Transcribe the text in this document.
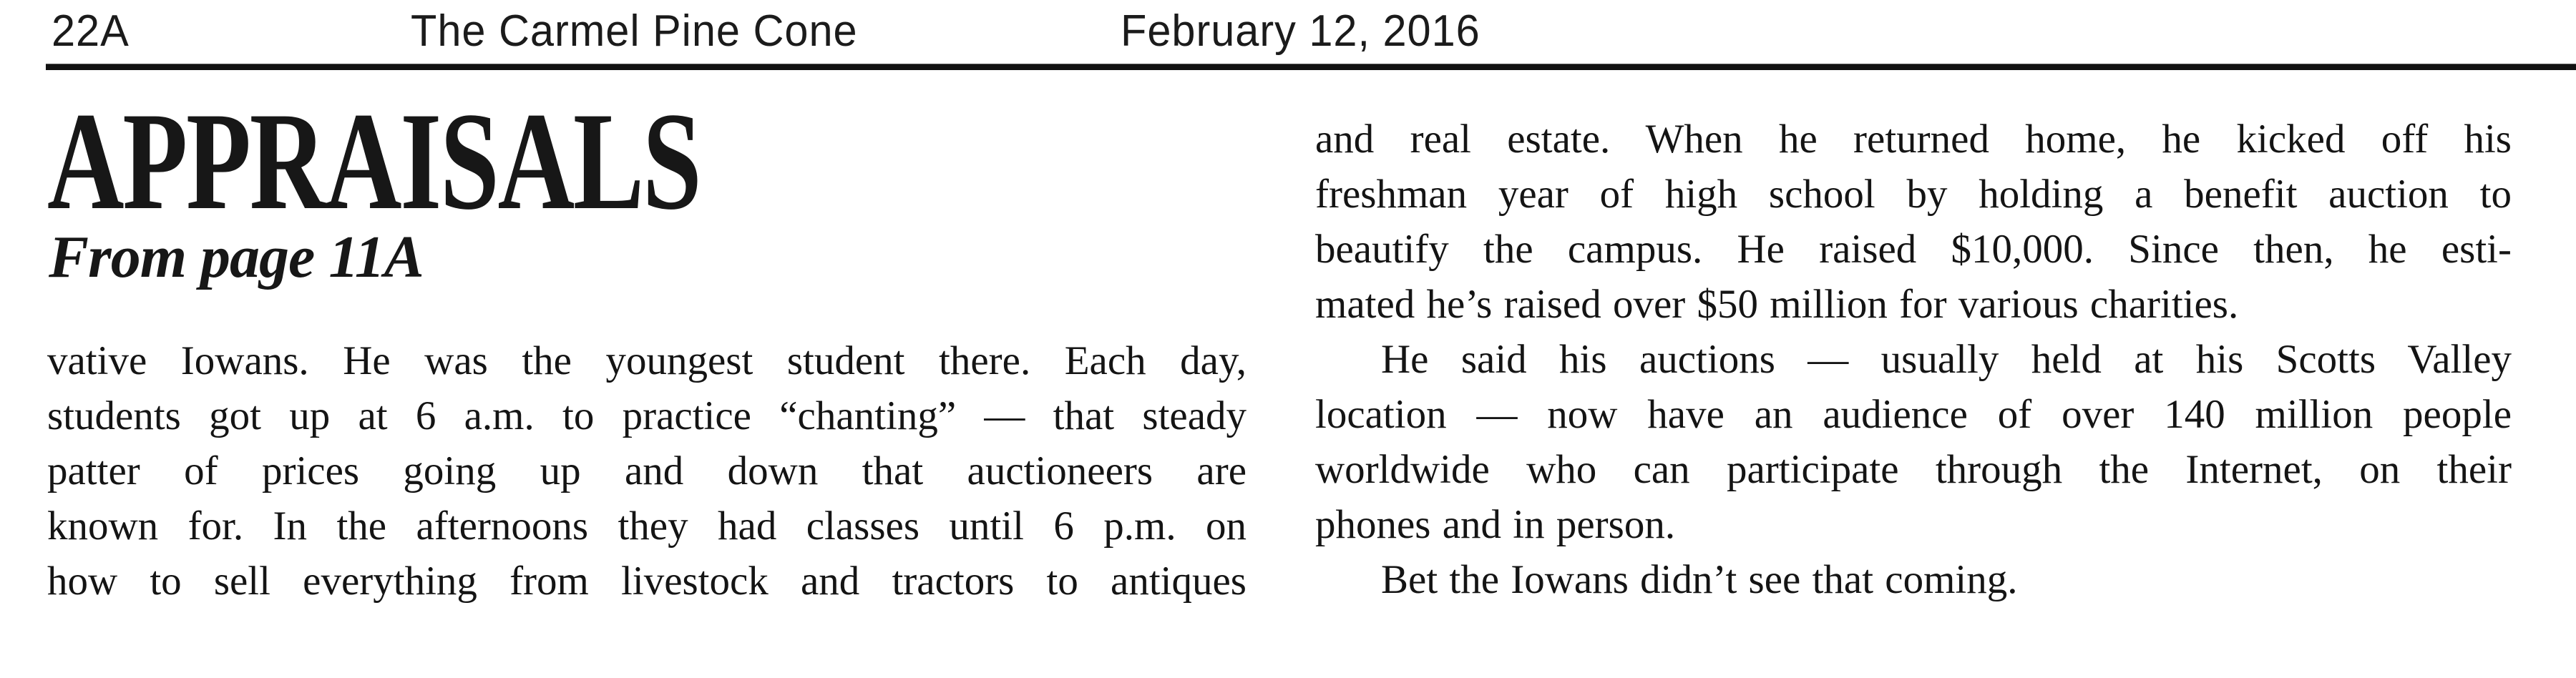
22A	The Carmel Pine Cone	February 12, 2016
APPRAISALS
From page 11A
vative Iowans. He was the youngest student there. Each day,
students got up at 6 a.m. to practice “chanting” — that steady
patter of prices going up and down that auctioneers are
known for. In the afternoons they had classes until 6 p.m. on
how to sell everything from livestock and tractors to antiques
and real estate. When he returned home, he kicked off his
freshman year of high school by holding a benefit auction to
beautify the campus. He raised $10,000. Since then, he esti-
mated he’s raised over $50 million for various charities.
He said his auctions — usually held at his Scotts Valley
location — now have an audience of over 140 million people
worldwide who can participate through the Internet, on their
phones and in person.
Bet the Iowans didn’t see that coming.
